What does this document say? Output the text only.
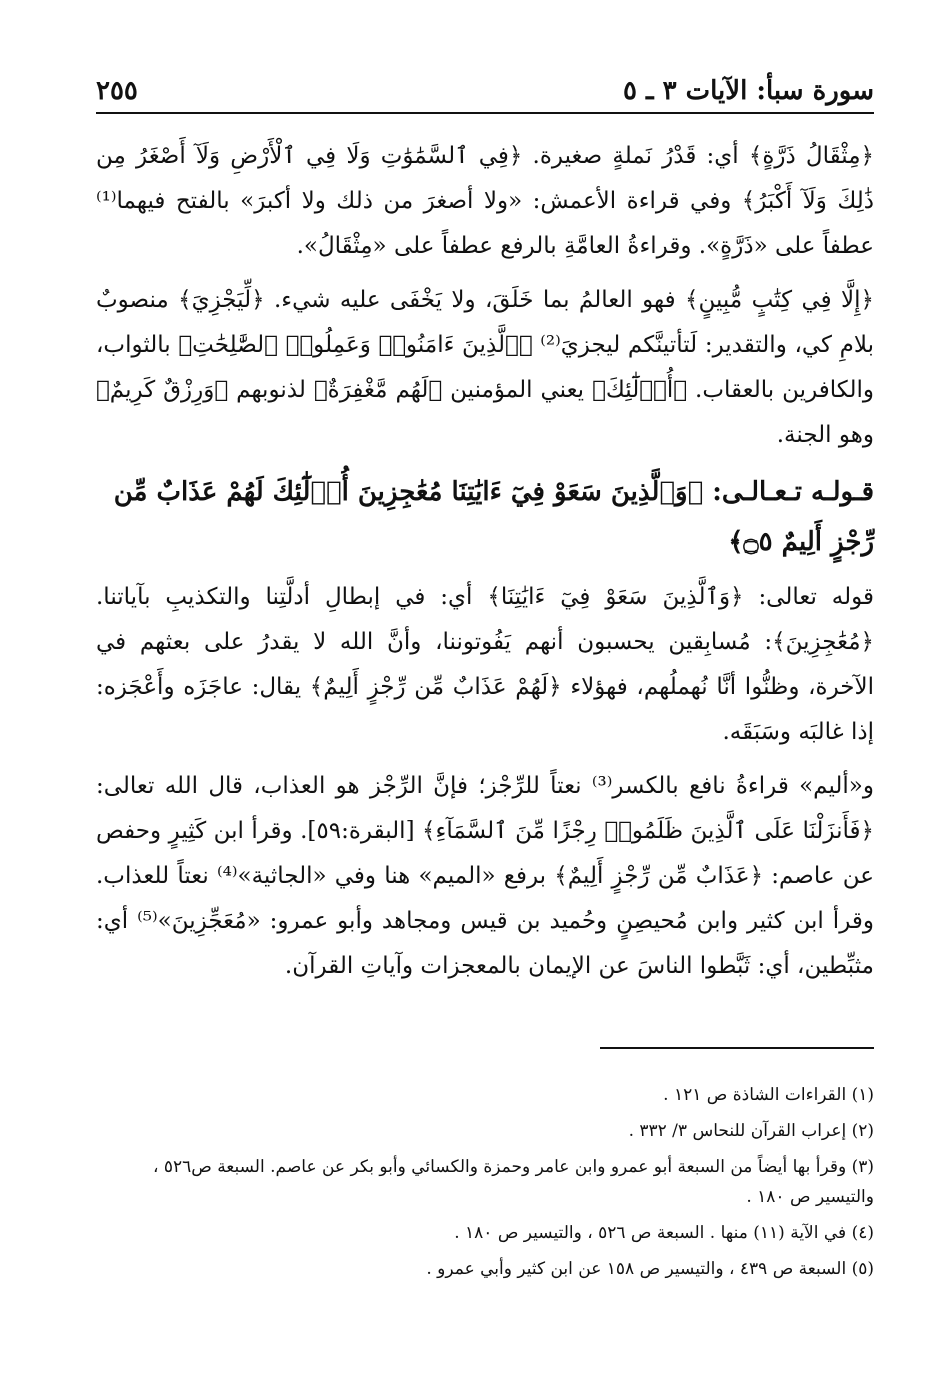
سورة سبأ: الآيات ٣ ـ ٥
٢٥٥

﴿مِثْقَالُ ذَرَّةٍ﴾ أي: قَدْرُ نَملةٍ صغيرة. ﴿فِي ٱلسَّمَٰوَٰتِ وَلَا فِي ٱلْأَرْضِ وَلَآ أَصْغَرُ مِن ذَٰلِكَ وَلَآ أَكْبَرُ﴾ وفي قراءة الأعمش: «ولا أصغرَ من ذلك ولا أكبرَ» بالفتح فيهما⁽¹⁾ عطفاً على «ذَرَّةٍ». وقراءةُ العامَّةِ بالرفع عطفاً على «مِثْقَالُ».

﴿إِلَّا فِي كِتَٰبٍ مُّبِينٍ﴾ فهو العالمُ بما خَلَقَ، ولا يَخْفَى عليه شيء. ﴿لِّيَجْزِيَ﴾ منصوبٌ بلامِ كي، والتقدير: لَتأتينَّكم ليجزيَ⁽²⁾ ﴿ٱلَّذِينَ ءَامَنُوا۟ وَعَمِلُوا۟ ٱلصَّٰلِحَٰتِ﴾ بالثواب، والكافرين بالعقاب. ﴿أُو۟لَٰٓئِكَ﴾ يعني المؤمنين ﴿لَهُم مَّغْفِرَةٌ﴾ لذنوبهم ﴿وَرِزْقٌ كَرِيمٌ﴾ وهو الجنة.

قـولـه تـعـالـى: ﴿وَٱلَّذِينَ سَعَوْ فِيٓ ءَايَٰتِنَا مُعَٰجِزِينَ أُو۟لَٰٓئِكَ لَهُمْ عَذَابٌ مِّن رِّجْزٍ أَلِيمٌ ۝٥﴾

قوله تعالى: ﴿وَٱلَّذِينَ سَعَوْ فِيٓ ءَايَٰتِنَا﴾ أي: في إبطالِ أدلَّتِنا والتكذيبِ بآياتنا. ﴿مُعَٰجِزِينَ﴾: مُسابِقين يحسبون أنهم يَفُوتوننا، وأنَّ الله لا يقدرُ على بعثهم في الآخرة، وظنُّوا أنَّا نُهملُهم، فهؤلاء ﴿لَهُمْ عَذَابٌ مِّن رِّجْزٍ أَلِيمٌ﴾ يقال: عاجَزَه وأَعْجَزه: إذا غالبَه وسَبَقَه.

و«أليم» قراءةُ نافع بالكسر⁽³⁾ نعتاً للرِّجْز؛ فإنَّ الرِّجْز هو العذاب، قال الله تعالى: ﴿فَأَنزَلْنَا عَلَى ٱلَّذِينَ ظَلَمُوا۟ رِجْزًا مِّنَ ٱلسَّمَآءِ﴾ [البقرة:٥٩]. وقرأ ابن كَثِيرٍ وحفص عن عاصم: ﴿عَذَابٌ مِّن رِّجْزٍ أَلِيمٌ﴾ برفع «الميم» هنا وفي «الجاثية»⁽⁴⁾ نعتاً للعذاب. وقرأ ابن كثير وابن مُحيصِنٍ وحُميد بن قيس ومجاهد وأبو عمرو: «مُعَجِّزِينَ»⁽⁵⁾ أي: مثبِّطين، أي: ثَبَّطوا الناسَ عن الإيمان بالمعجزات وآياتِ القرآن.

(١) القراءات الشاذة ص ١٢١ .

(٢) إعراب القرآن للنحاس ٣/ ٣٣٢ .

(٣) وقرأ بها أيضاً من السبعة أبو عمرو وابن عامر وحمزة والكسائي وأبو بكر عن عاصم. السبعة ص٥٢٦ ، والتيسير ص ١٨٠ .

(٤) في الآية (١١) منها . السبعة ص ٥٢٦ ، والتيسير ص ١٨٠ .

(٥) السبعة ص ٤٣٩ ، والتيسير ص ١٥٨ عن ابن كثير وأبي عمرو .
